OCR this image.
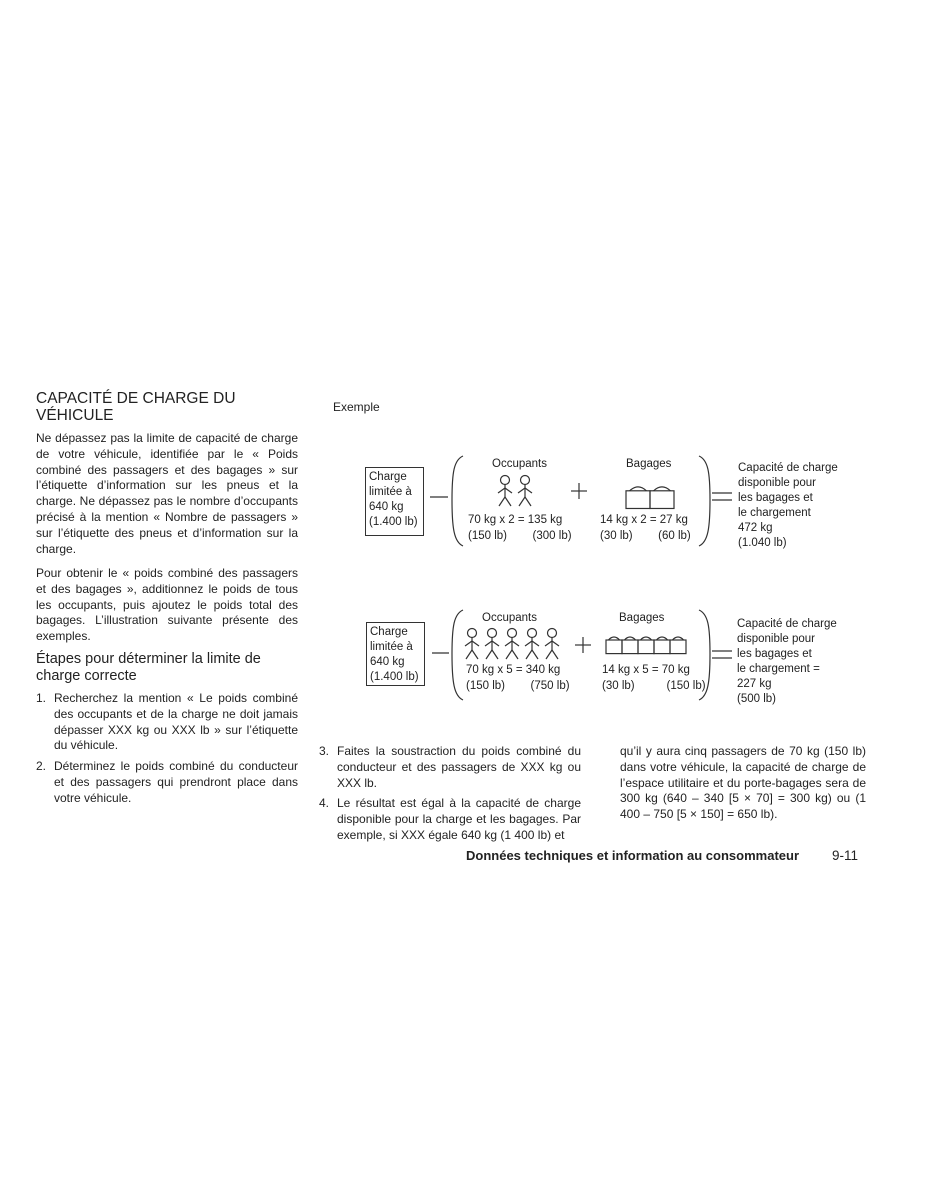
CAPACITÉ DE CHARGE DU VÉHICULE

Ne dépassez pas la limite de capacité de charge de votre véhicule, identifiée par le « Poids combiné des passagers et des bagages » sur l’étiquette d’information sur les pneus et la charge. Ne dépassez pas le nombre d’occupants précisé à la mention « Nombre de passagers » sur l’étiquette des pneus et d’information sur la charge.

Pour obtenir le « poids combiné des passagers et des bagages », additionnez le poids de tous les occupants, puis ajoutez le poids total des bagages. L’illustration suivante présente des exemples.

Étapes pour déterminer la limite de charge correcte
1. Recherchez la mention « Le poids combiné des occupants et de la charge ne doit jamais dépasser XXX kg ou XXX lb » sur l’étiquette du véhicule.
2. Déterminez le poids combiné du conducteur et des passagers qui prendront place dans votre véhicule.
3. Faites la soustraction du poids combiné du conducteur et des passagers de XXX kg ou XXX lb.
4. Le résultat est égal à la capacité de charge disponible pour la charge et les bagages. Par exemple, si XXX égale 640 kg (1 400 lb) et

qu’il y aura cinq passagers de 70 kg (150 lb) dans votre véhicule, la capacité de charge de l’espace utilitaire et du porte-bagages sera de 300 kg (640 – 340 [5 × 70] = 300 kg) ou (1 400 – 750 [5 × 150] = 650 lb).

Exemple
Charge
limitée à
640 kg
(1.400 lb)
Occupants	Bagages
70 kg x 2 = 135 kg
(150 lb)        (300 lb)
14 kg x 2 = 27 kg
(30 lb)        (60 lb)
Capacité de charge
disponible pour
les bagages et
le chargement
472 kg
(1.040 lb)
Charge
limitée à
640 kg
(1.400 lb)
Occupants	Bagages
70 kg x 5 = 340 kg
(150 lb)        (750 lb)
14 kg x 5 = 70 kg
(30 lb)          (150 lb)
Capacité de charge
disponible pour
les bagages et
le chargement =
227 kg
(500 lb)
Données techniques et information au consommateur 9-11
